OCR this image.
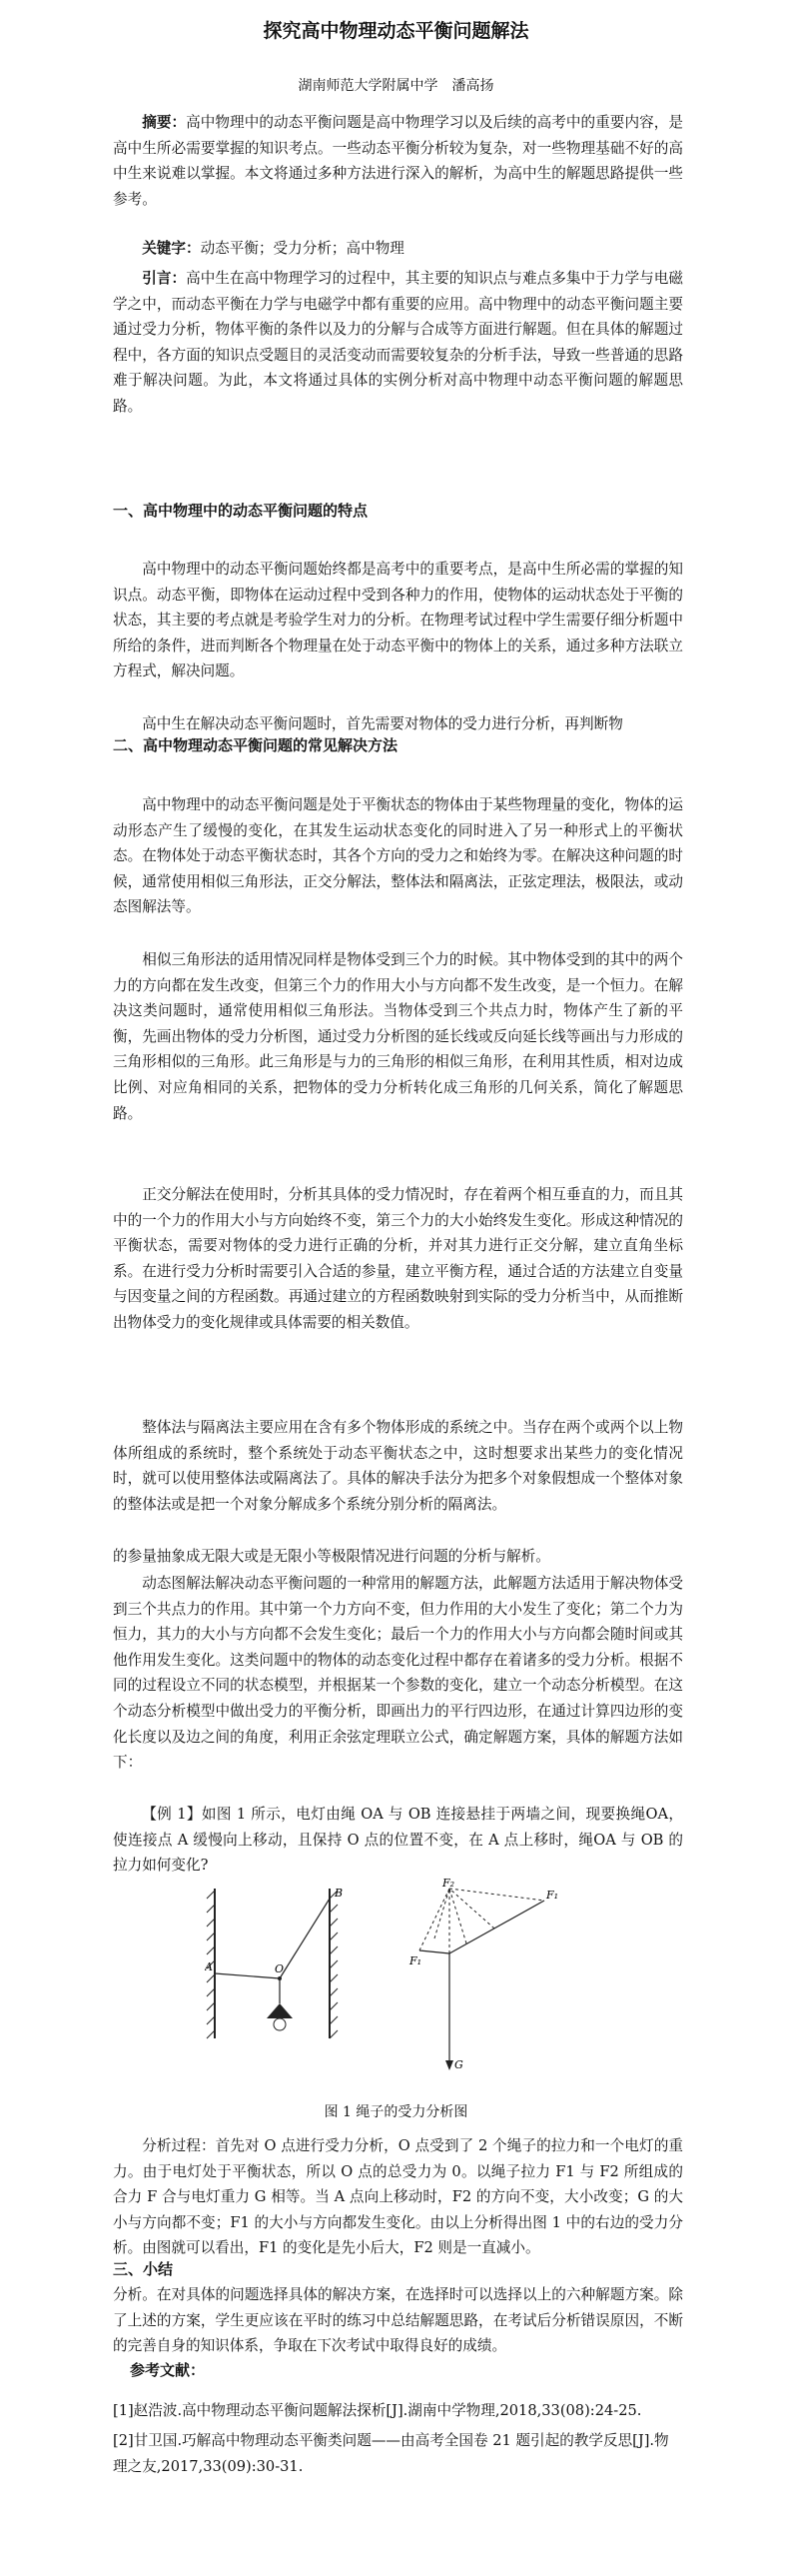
探究高中物理动态平衡问题解法
湖南师范大学附属中学　潘高扬
摘要：高中物理中的动态平衡问题是高中物理学习以及后续的高考中的重要内容，是高中生所必需要掌握的知识考点。一些动态平衡分析较为复杂，对一些物理基础不好的高中生来说难以掌握。本文将通过多种方法进行深入的解析，为高中生的解题思路提供一些参考。
关键字：动态平衡；受力分析；高中物理
引言：高中生在高中物理学习的过程中，其主要的知识点与难点多集中于力学与电磁学之中，而动态平衡在力学与电磁学中都有重要的应用。高中物理中的动态平衡问题主要通过受力分析，物体平衡的条件以及力的分解与合成等方面进行解题。但在具体的解题过程中，各方面的知识点受题目的灵活变动而需要较复杂的分析手法，导致一些普通的思路难于解决问题。为此，本文将通过具体的实例分析对高中物理中动态平衡问题的解题思路。
一、高中物理中的动态平衡问题的特点
高中物理中的动态平衡问题始终都是高考中的重要考点，是高中生所必需的掌握的知识点。动态平衡，即物体在运动过程中受到各种力的作用，使物体的运动状态处于平衡的状态，其主要的考点就是考验学生对力的分析。在物理考试过程中学生需要仔细分析题中所给的条件，进而判断各个物理量在处于动态平衡中的物体上的关系，通过多种方法联立方程式，解决问题。
高中生在解决动态平衡问题时，首先需要对物体的受力进行分析，再判断物
二、高中物理动态平衡问题的常见解决方法
高中物理中的动态平衡问题是处于平衡状态的物体由于某些物理量的变化，物体的运动形态产生了缓慢的变化，在其发生运动状态变化的同时进入了另一种形式上的平衡状态。在物体处于动态平衡状态时，其各个方向的受力之和始终为零。在解决这种问题的时候，通常使用相似三角形法，正交分解法，整体法和隔离法，正弦定理法，极限法，或动态图解法等。
相似三角形法的适用情况同样是物体受到三个力的时候。其中物体受到的其中的两个力的方向都在发生改变，但第三个力的作用大小与方向都不发生改变，是一个恒力。在解决这类问题时，通常使用相似三角形法。当物体受到三个共点力时，物体产生了新的平衡，先画出物体的受力分析图，通过受力分析图的延长线或反向延长线等画出与力形成的三角形相似的三角形。此三角形是与力的三角形的相似三角形，在利用其性质，相对边成比例、对应角相同的关系，把物体的受力分析转化成三角形的几何关系，简化了解题思路。
正交分解法在使用时，分析其具体的受力情况时，存在着两个相互垂直的力，而且其中的一个力的作用大小与方向始终不变，第三个力的大小始终发生变化。形成这种情况的平衡状态，需要对物体的受力进行正确的分析，并对其力进行正交分解，建立直角坐标系。在进行受力分析时需要引入合适的参量，建立平衡方程，通过合适的方法建立自变量与因变量之间的方程函数。再通过建立的方程函数映射到实际的受力分析当中，从而推断出物体受力的变化规律或具体需要的相关数值。
整体法与隔离法主要应用在含有多个物体形成的系统之中。当存在两个或两个以上物体所组成的系统时，整个系统处于动态平衡状态之中，这时想要求出某些力的变化情况时，就可以使用整体法或隔离法了。具体的解决手法分为把多个对象假想成一个整体对象的整体法或是把一个对象分解成多个系统分别分析的隔离法。
的参量抽象成无限大或是无限小等极限情况进行问题的分析与解析。
动态图解法解决动态平衡问题的一种常用的解题方法，此解题方法适用于解决物体受到三个共点力的作用。其中第一个力方向不变，但力作用的大小发生了变化；第二个力为恒力，其力的大小与方向都不会发生变化；最后一个力的作用大小与方向都会随时间或其他作用发生变化。这类问题中的物体的动态变化过程中都存在着诸多的受力分析。根据不同的过程设立不同的状态模型，并根据某一个参数的变化，建立一个动态分析模型。在这个动态分析模型中做出受力的平衡分析，即画出力的平行四边形，在通过计算四边形的变化长度以及边之间的角度，利用正余弦定理联立公式，确定解题方案，具体的解题方法如下：
【例 1】如图 1 所示，电灯由绳 OA 与 OB 连接悬挂于两墙之间，现要换绳OA，使连接点 A 缓慢向上移动，且保持 O 点的位置不变，在 A 点上移时，绳OA 与 OB 的拉力如何变化?
A
B
O
F₂
F₁
F₁
G
图 1 绳子的受力分析图
分析过程：首先对 O 点进行受力分析，O 点受到了 2 个绳子的拉力和一个电灯的重力。由于电灯处于平衡状态，所以 O 点的总受力为 0。以绳子拉力 F1 与 F2 所组成的合力 F 合与电灯重力 G 相等。当 A 点向上移动时，F2 的方向不变，大小改变；G 的大小与方向都不变；F1 的大小与方向都发生变化。由以上分析得出图 1 中的右边的受力分析。由图就可以看出，F1 的变化是先小后大，F2 则是一直减小。
三、小结
分析。在对具体的问题选择具体的解决方案，在选择时可以选择以上的六种解题方案。除了上述的方案，学生更应该在平时的练习中总结解题思路，在考试后分析错误原因，不断的完善自身的知识体系，争取在下次考试中取得良好的成绩。
参考文献：
[1]赵浩波.高中物理动态平衡问题解法探析[J].湖南中学物理,2018,33(08):24-25.
[2]甘卫国.巧解高中物理动态平衡类问题——由高考全国卷 21 题引起的教学反思[J].物理之友,2017,33(09):30-31.
